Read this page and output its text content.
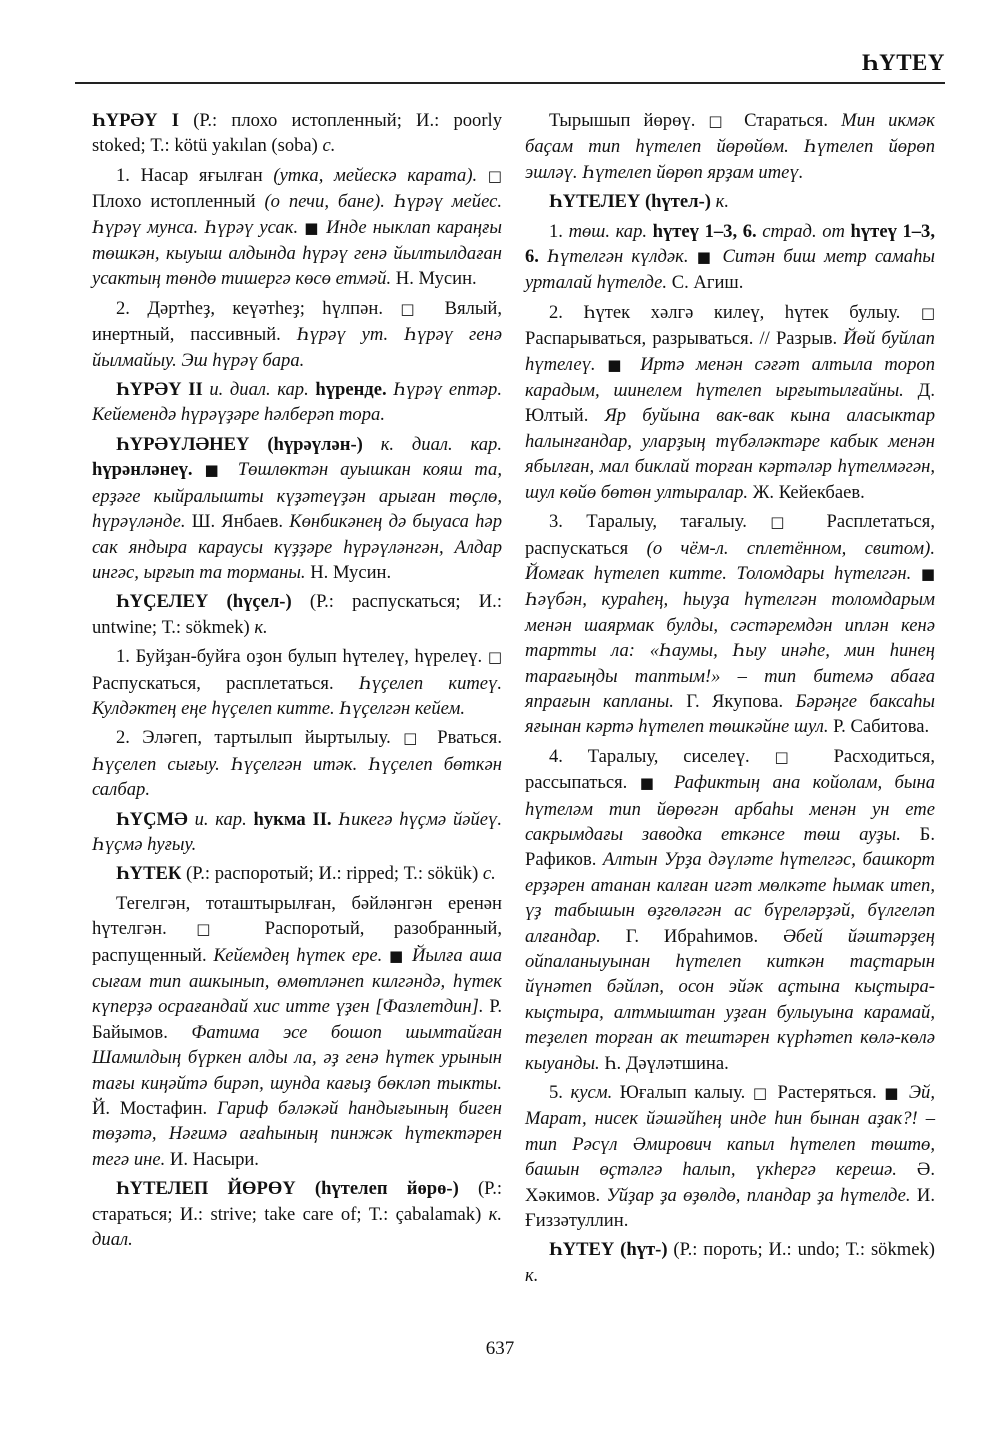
ҺҮТЕҮ

ҺҮРӘҮ I (Р.: плохо истопленный; И.: poorly stoked; Т.: kötü yakılan (soba) с.

1. Насар яғылған (утка, мейескә карата). □ Плохо истопленный (о печи, бане). Һүрәү мейес. Һүрәү мунса. Һүрәү усак. ■ Инде ныклап караңғы төшкән, кыуыш алдында һүрәү генә йылтылдаған усактың төндө тишергә көсө етмәй. Н. Мусин.

2. Дәртһеҙ, кеүәтһеҙ; һүлпән. □ Вялый, инертный, пассивный. Һүрәү ут. Һүрәү генә йылмайыу. Эш һүрәү бара.

ҺҮРӘҮ II и. диал. кар. һүренде. Һүрәү ептәр. Кейемендә һүрәүҙәре һәлберәп тора.

ҺҮРӘҮЛӘНЕҮ (һүрәүлән-) к. диал. кар. һүрәнләнеү. ■ Төшлөктән ауышкан кояш та, ерҙәге кыйралышты күҙәтеүҙән арыған төҫлө, һүрәүләнде. Ш. Янбаев. Көнбикәнең дә быуаса һәр сак яндыра караусы күҙҙәре һүрәүләнгән, Алдар ингәс, ырғып та торманы. Н. Мусин.

ҺҮҪЕЛЕҮ (һүҫел-) (Р.: распускаться; И.: untwine; Т.: sökmek) к.

1. Буйҙан-буйға оҙон булып һүтелеү, һүрелеү. □ Распускаться, расплетаться. Һүҫелеп китеү. Кулдәктең еңе һүҫелеп китте. Һүҫелгән кейем.

2. Эләгеп, тартылып йыртылыу. □ Рваться. Һүҫелеп сығыу. Һүҫелгән итәк. Һүҫелеп бөткән салбар.

ҺҮҪМӘ и. кар. һукма II. Һикегә һүҫмә йәйеү. Һүҫмә һуғыу.

ҺҮТЕК (Р.: распоротый; И.: ripped; Т.: sökük) с.

Тегелгән, тоташтырылған, бәйләнгән еренән һүтелгән. □ Распоротый, разобранный, распущенный. Кейемдең һүтек ере. ■ Йылға аша сығам тип ашкынып, өмөтләнеп килгәндә, һүтек күперҙә осрағандай хис итте үҙен [Фазлетдин]. Р. Байымов. Фатима эсе бошоп шымтайған Шамилдың бүркен алды ла, әҙ генә һүтек урынын тағы киңәйтә бирәп, шунда кағыҙ бөкләп тыкты. Й. Мостафин. Гариф бәләкәй һандығының биген төҙәтә, Нәғимә ағаһының пинжәк һүтектәрен тегә ине. И. Насыри.

ҺҮТЕЛЕП ЙӨРӨҮ (һүтелеп йөрө-) (Р.: стараться; И.: strive; take care of; Т.: çabalamak) к. диал.

Тырышып йөрөү. □ Стараться. Мин икмәк баҫам тип һүтелеп йөрөйөм. Һүтелеп йөрөп эшләү. Һүтелеп йөрөп ярҙам итеү.

ҺҮТЕЛЕҮ (һүтел-) к.

1. төш. кар. һүтеү 1–3, 6. страд. от һүтеү 1–3, 6. Һүтелгән күлдәк. ■ Ситән биш метр самаһы урталай һүтелде. С. Агиш.

2. Һүтек хәлгә килеү, һүтек булыу. □ Распарываться, разрываться. // Разрыв. Йөй буйлап һүтелеү. ■ Иртә менән сәғәт алтыла тороп карадым, шинелем һүтелеп ырғытылғайны. Д. Юлтый. Яр буйына вак-вак кына аласыктар һалынғандар, уларҙың түбәләктәре кабык менән ябылған, мал биклай торған кәртәләр һүтелмәгән, шул көйө бөтөн ултыралар. Ж. Кейекбаев.

3. Таралыу, тағалыу. □ Расплетаться, распускаться (о чём-л. сплетённом, свитом). Йомғак һүтелеп китте. Толомдары һүтелгән. ■ Һәүбән, кураһең, һыуҙа һүтелгән толомдарым менән шаярмак булды, сәстәремдән иплән кенә тартты ла: «Һаумы, Һыу инәһе, мин һинең тарағыңды таптым!» – тип битемә абаға япрағын капланы. Г. Якупова. Бәрәңге баксаһы яғынан кәртә һүтелеп төшкәйне шул. Р. Сабитова.

4. Таралыу, сиселеү. □ Расходиться, рассыпаться. ■ Рафиктың ана койолам, бына һүтеләм тип йөрөгән арбаһы менән ун ете сакрымдағы заводка еткәнсе төш ауҙы. Б. Рафиков. Алтын Урҙа дәүләте һүтелгәс, башкорт ерҙәрен атанан калған игәт мөлкәте һымак итеп, үҙ табышын өҙгөләгән ас бүреләрҙәй, бүлгеләп алғандар. Г. Ибраһимов. Әбей йәштәрҙең ойпаланыуынан һүтелеп киткән таҫтарын йүнәтеп бәйләп, осон эйәк аҫтына кыҫтыра-кыҫтыра, алтмыштан уҙған булыуына карамай, теҙелеп торған ак тештәрен күрһәтеп көлә-көлә кыуанды. Һ. Дәүләтшина.

5. кусм. Юғалып калыу. □ Растеряться. ■ Эй, Марат, нисек йәшәйһең инде һин бынан аҙак?! – тип Рәсүл Әмирович капыл һүтелеп төштө, башын өҫтәлгә һалып, үкһергә керешә. Ә. Хәкимов. Уйҙар ҙа өҙөлдө, пландар ҙа һүтелде. И. Ғиззәтуллин.

ҺҮТЕҮ (һүт-) (Р.: пороть; И.: undo; Т.: sökmek) к.

637
